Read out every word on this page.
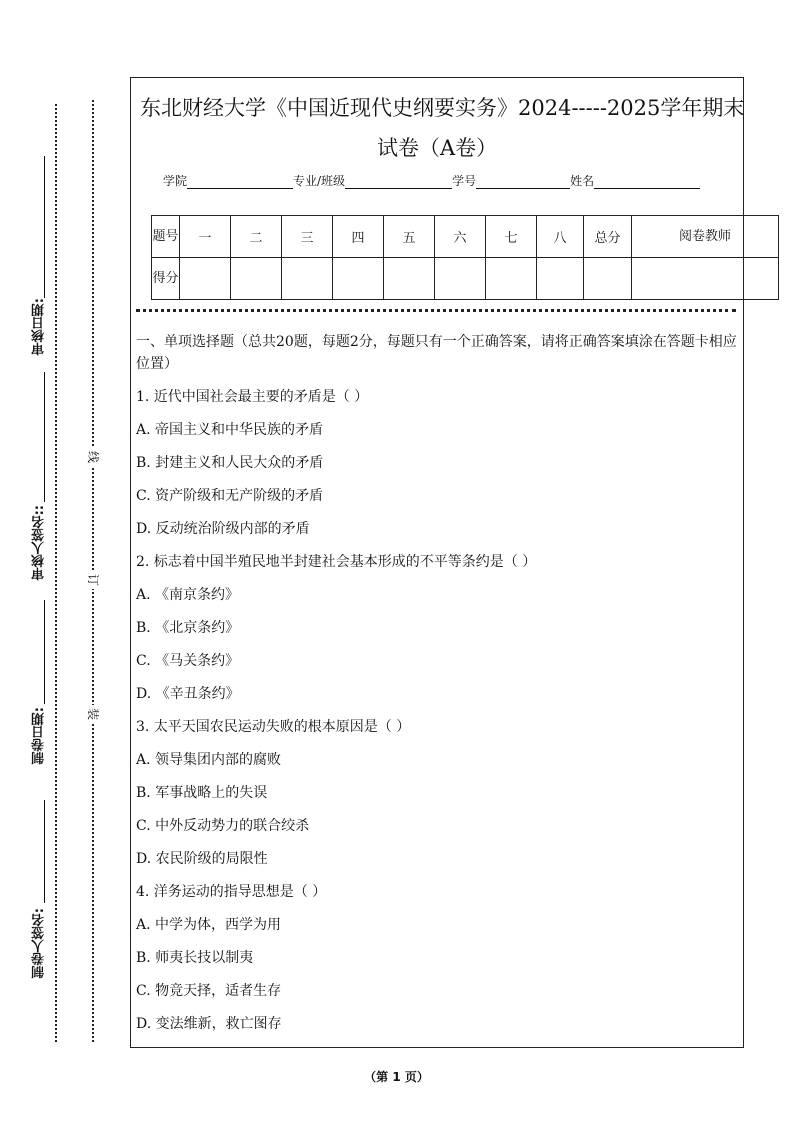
审核日期:
审核人签名::
制卷日期:
制卷人签名:
线
订
装
东北财经大学《中国近现代史纲要实务》2024-----2025学年期末
试卷（A卷）
学院	专业/班级	学号	姓名
题号	一	二	三	四	五	六	七	八	总分	阅卷教师
得分										
一、单项选择题（总共20题，每题2分，每题只有一个正确答案，请将正确答案填涂在答题卡相应位置）
1. 近代中国社会最主要的矛盾是（ ）
A. 帝国主义和中华民族的矛盾
B. 封建主义和人民大众的矛盾
C. 资产阶级和无产阶级的矛盾
D. 反动统治阶级内部的矛盾
2. 标志着中国半殖民地半封建社会基本形成的不平等条约是（ ）
A. 《南京条约》
B. 《北京条约》
C. 《马关条约》
D. 《辛丑条约》
3. 太平天国农民运动失败的根本原因是（ ）
A. 领导集团内部的腐败
B. 军事战略上的失误
C. 中外反动势力的联合绞杀
D. 农民阶级的局限性
4. 洋务运动的指导思想是（ ）
A. 中学为体，西学为用
B. 师夷长技以制夷
C. 物竞天择，适者生存
D. 变法维新，救亡图存
（第 1 页）
